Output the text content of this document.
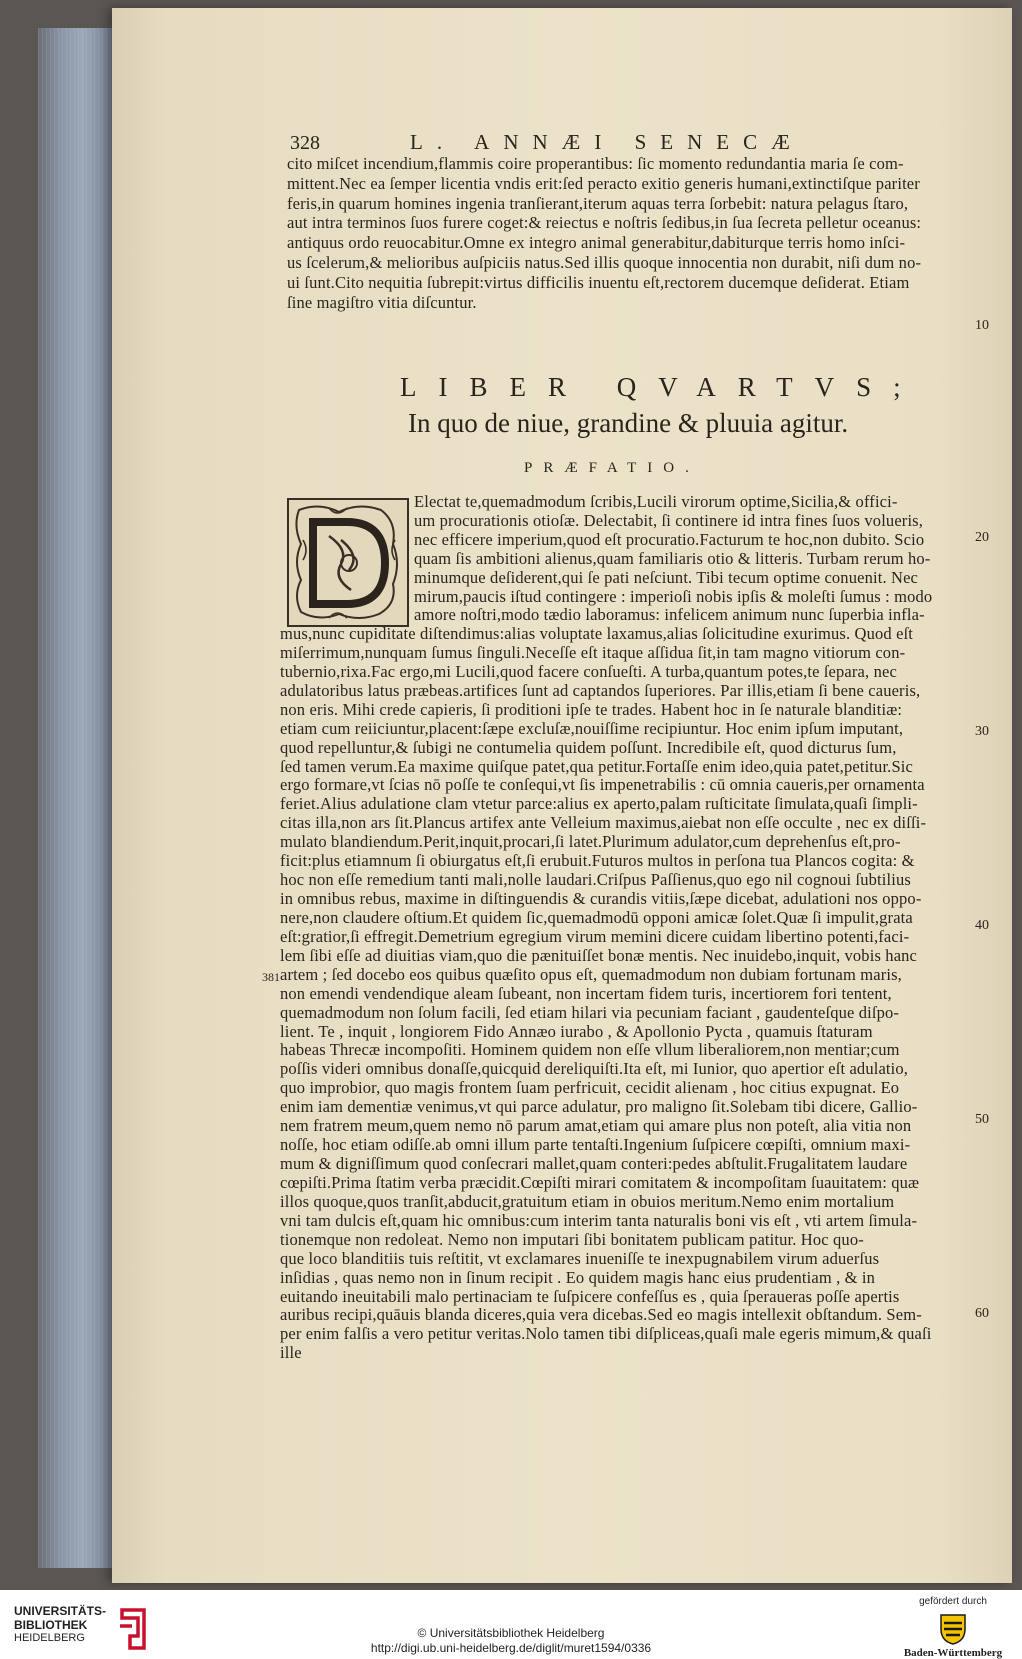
328	L. ANNÆI SENECÆ
cito miſcet incendium,flammis coire properantibus: ſic momento redundantia maria ſe com-
mittent.Nec ea ſemper licentia vndis erit:ſed peracto exitio generis humani,extinctiſque pariter
feris,in quarum homines ingenia tranſierant,iterum aquas terra ſorbebit: natura pelagus ſtaro,
aut intra terminos ſuos furere coget:& reiectus e noſtris ſedibus,in ſua ſecreta pelletur oceanus:
antiquus ordo reuocabitur.Omne ex integro animal generabitur,dabiturque terris homo inſci-
us ſcelerum,& melioribus auſpiciis natus.Sed illis quoque innocentia non durabit, niſi dum no-
ui ſunt.Cito nequitia ſubrepit:virtus difficilis inuentu eſt,rectorem ducemque deſiderat. Etiam
ſine magiſtro vitia diſcuntur.
LIBER QVARTVS;
In quo de niue, grandine & pluuia agitur.
PRÆFATIO.
Electat te,quemadmodum ſcribis,Lucili virorum optime,Sicilia,& offici-
um procurationis otioſæ. Delectabit, ſi continere id intra fines ſuos volueris,
nec efficere imperium,quod eſt procuratio.Facturum te hoc,non dubito. Scio
quam ſis ambitioni alienus,quam familiaris otio & litteris. Turbam rerum ho-
minumque deſiderent,qui ſe pati neſciunt. Tibi tecum optime conuenit. Nec
mirum,paucis iſtud contingere : imperioſi nobis ipſis & moleſti ſumus : modo
amore noſtri,modo tædio laboramus: infelicem animum nunc ſuperbia infla-
mus,nunc cupiditate diſtendimus:alias voluptate laxamus,alias ſolicitudine exurimus. Quod eſt
miſerrimum,nunquam ſumus ſinguli.Neceſſe eſt itaque aſſidua ſit,in tam magno vitiorum con-
tubernio,rixa.Fac ergo,mi Lucili,quod facere conſueſti. A turba,quantum potes,te ſepara, nec
adulatoribus latus præbeas.artifices ſunt ad captandos ſuperiores. Par illis,etiam ſi bene caueris,
non eris. Mihi crede capieris, ſi proditioni ipſe te trades. Habent hoc in ſe naturale blanditiæ:
etiam cum reiiciuntur,placent:ſæpe excluſæ,nouiſſime recipiuntur. Hoc enim ipſum imputant,
quod repelluntur,& ſubigi ne contumelia quidem poſſunt. Incredibile eſt, quod dicturus ſum,
ſed tamen verum.Ea maxime quiſque patet,qua petitur.Fortaſſe enim ideo,quia patet,petitur.Sic
ergo formare,vt ſcias nō poſſe te conſequi,vt ſis impenetrabilis : cū omnia caueris,per ornamenta
feriet.Alius adulatione clam vtetur parce:alius ex aperto,palam ruſticitate ſimulata,quaſi ſimpli-
citas illa,non ars ſit.Plancus artifex ante Velleium maximus,aiebat non eſſe occulte , nec ex diſſi-
mulato blandiendum.Perit,inquit,procari,ſi latet.Plurimum adulator,cum deprehenſus eſt,pro-
ficit:plus etiamnum ſi obiurgatus eſt,ſi erubuit.Futuros multos in perſona tua Plancos cogita: &
hoc non eſſe remedium tanti mali,nolle laudari.Criſpus Paſſienus,quo ego nil cognoui ſubtilius
in omnibus rebus, maxime in diſtinguendis & curandis vitiis,ſæpe dicebat, adulationi nos oppo-
nere,non claudere oſtium.Et quidem ſic,quemadmodū opponi amicæ ſolet.Quæ ſi impulit,grata
eſt:gratior,ſi effregit.Demetrium egregium virum memini dicere cuidam libertino potenti,faci-
lem ſibi eſſe ad diuitias viam,quo die pænituiſſet bonæ mentis. Nec inuidebo,inquit, vobis hanc
artem ; ſed docebo eos quibus quæſito opus eſt, quemadmodum non dubiam fortunam maris,
non emendi vendendique aleam ſubeant, non incertam fidem turis, incertiorem fori tentent,
quemadmodum non ſolum facili, ſed etiam hilari via pecuniam faciant , gaudenteſque diſpo-
lient. Te , inquit , longiorem Fido Annæo iurabo , & Apollonio Pycta , quamuis ſtaturam
habeas Threcæ incompoſiti. Hominem quidem non eſſe vllum liberaliorem,non mentiar;cum
poſſis videri omnibus donaſſe,quicquid dereliquiſti.Ita eſt, mi Iunior, quo apertior eſt adulatio,
quo improbior, quo magis frontem ſuam perfricuit, cecidit alienam , hoc citius expugnat. Eo
enim iam dementiæ venimus,vt qui parce adulatur, pro maligno ſit.Solebam tibi dicere, Gallio-
nem fratrem meum,quem nemo nō parum amat,etiam qui amare plus non poteſt, alia vitia non
noſſe, hoc etiam odiſſe.ab omni illum parte tentaſti.Ingenium ſuſpicere cœpiſti, omnium maxi-
mum & digniſſimum quod conſecrari mallet,quam conteri:pedes abſtulit.Frugalitatem laudare
cœpiſti.Prima ſtatim verba præcidit.Cœpiſti mirari comitatem & incompoſitam ſuauitatem: quæ
illos quoque,quos tranſit,abducit,gratuitum etiam in obuios meritum.Nemo enim mortalium
vni tam dulcis eſt,quam hic omnibus:cum interim tanta naturalis boni vis eſt , vti artem ſimula-
tionemque non redoleat. Nemo non imputari ſibi bonitatem publicam patitur. Hoc quo-
que loco blanditiis tuis reſtitit, vt exclamares inueniſſe te inexpugnabilem virum aduerſus
inſidias , quas nemo non in ſinum recipit . Eo quidem magis hanc eius prudentiam , & in
euitando ineuitabili malo pertinaciam te ſuſpicere confeſſus es , quia ſperaueras poſſe apertis
auribus recipi,quāuis blanda diceres,quia vera dicebas.Sed eo magis intellexit obſtandum. Sem-
per enim falſis a vero petitur veritas.Nolo tamen tibi diſpliceas,quaſi male egeris mimum,& quaſi
ille
10
20
30
40
50
60
381
UNIVERSITÄTS-
BIBLIOTHEK
HEIDELBERG	© Universitätsbibliothek Heidelberg
http://digi.ub.uni-heidelberg.de/diglit/muret1594/0336
gefördert durch
Baden-Württemberg
